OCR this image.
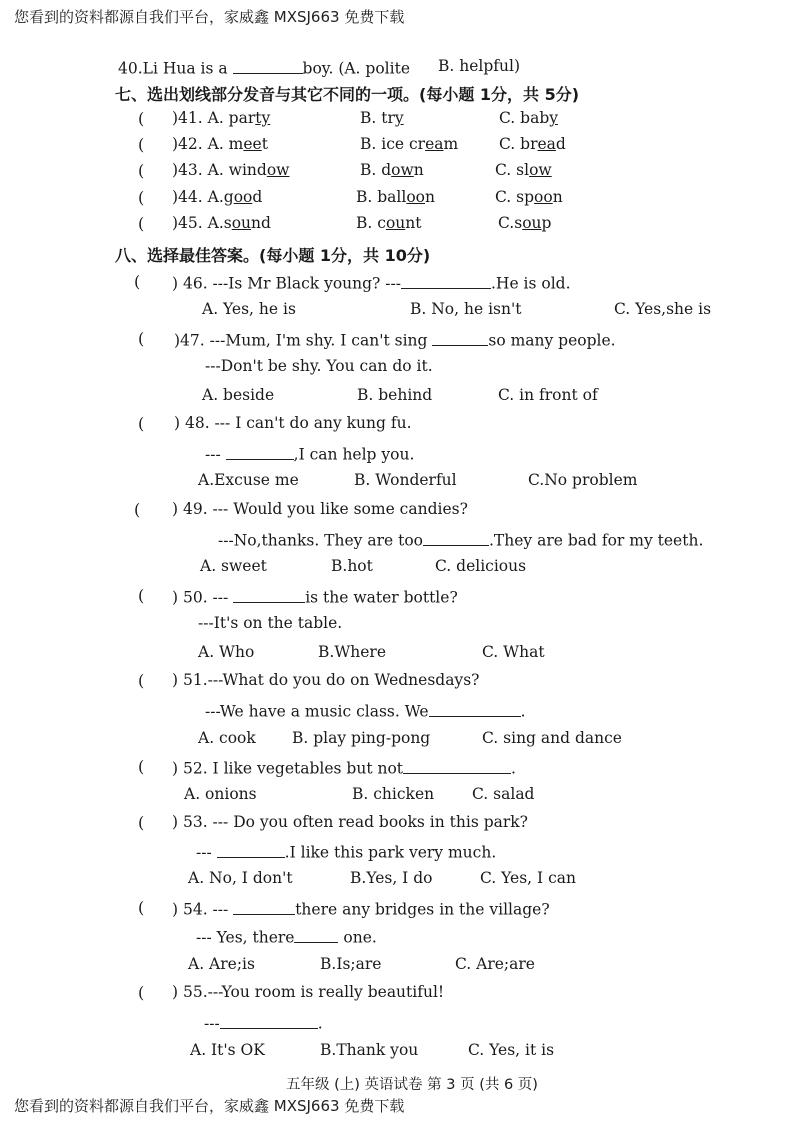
您看到的资料都源自我们平台，家威鑫 MXSJ663 免费下载
40.Li Hua is a	boy. (A. polite B. helpful)
七、选出划线部分发音与其它不同的一项。(每小题 1分，共 5分)
( )41. A. party	B. try	C. baby
( )42. A. meet	B. ice cream	C. bread
( )43. A. window	B. down	C. slow
( )44. A.good	B. balloon	C. spoon
( )45. A.sound	B. count	C.soup
八、选择最佳答案。(每小题 1分，共 10分)
( ) 46. ---Is Mr Black young? ---	.He is old.
A. Yes, he is	B. No, he isn't	C. Yes,she is
( )47. ---Mum, I'm shy. I can't sing	so many people.
---Don't be shy. You can do it.
A. beside	B. behind	C. in front of
( ) 48. --- I can't do any kung fu.
---	,I can help you.
A.Excuse me	B. Wonderful	C.No problem
( ) 49. --- Would you like some candies?
---No,thanks. They are too	.They are bad for my teeth.
A. sweet	B.hot	C. delicious
( ) 50. ---	is the water bottle?
---It's on the table.
A. Who	B.Where	C. What
( ) 51.---What do you do on Wednesdays?
---We have a music class. We	.
A. cook B. play ping-pong	C. sing and dance
( ) 52. I like vegetables but not	.
A. onions	B. chicken C. salad
( ) 53. --- Do you often read books in this park?
---	.I like this park very much.
A. No, I don't	B.Yes, I do	C. Yes, I can
( ) 54. ---	there any bridges in the village?
--- Yes, there	one.
A. Are;is	B.Is;are	C. Are;are
( ) 55.---You room is really beautiful!
---	.
A. It's OK	B.Thank you	C. Yes, it is
五年级 (上) 英语试卷 第 3 页 (共 6 页)
您看到的资料都源自我们平台，家威鑫 MXSJ663 免费下载
